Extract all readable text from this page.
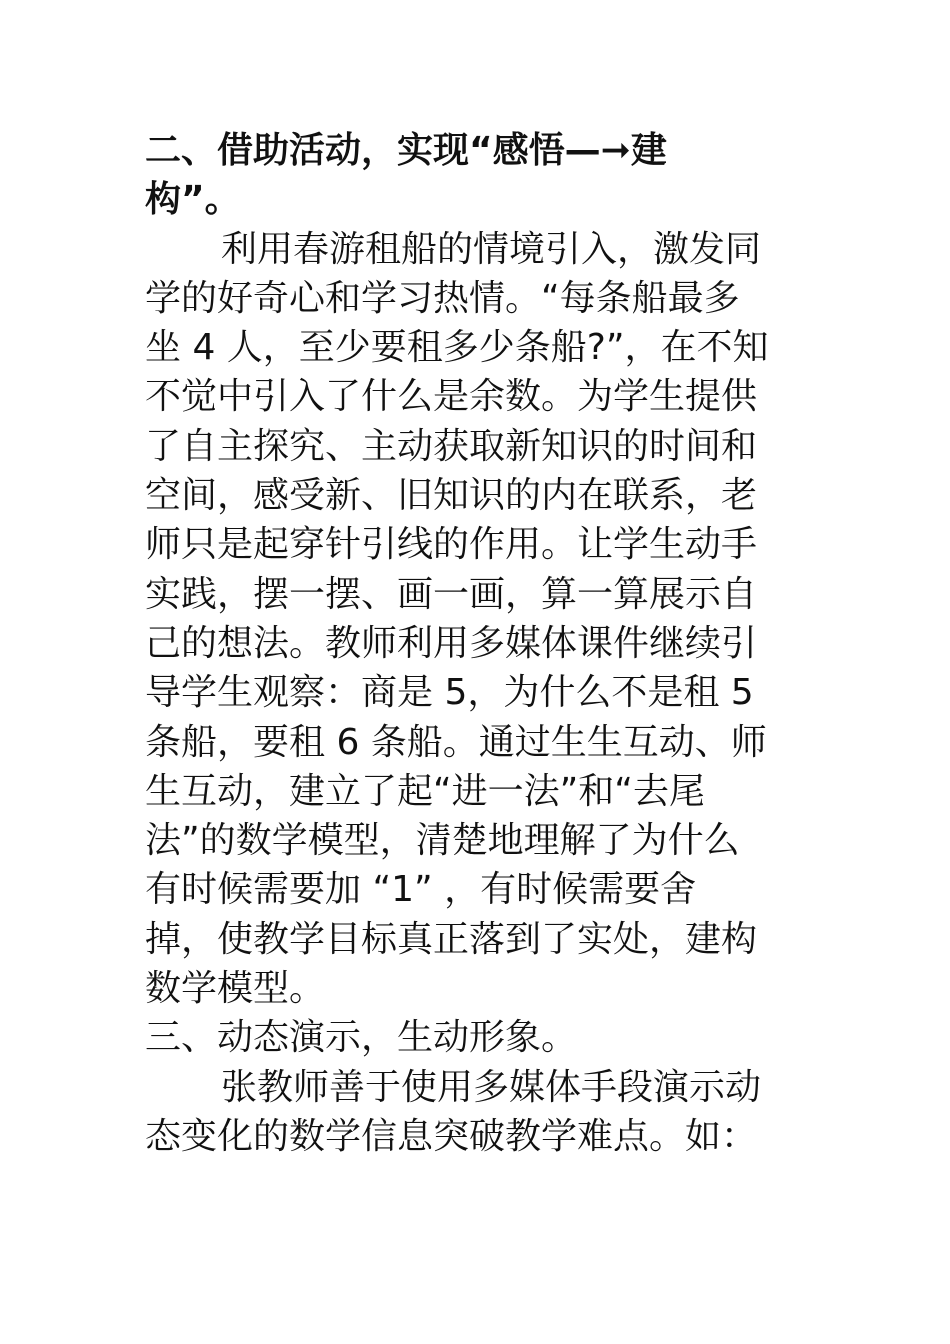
二、借助活动，实现“感悟—➞建
构”。
利用春游租船的情境引入，激发同
学的好奇心和学习热情。“每条船最多
坐 4 人，至少要租多少条船?”，在不知
不觉中引入了什么是余数。为学生提供
了自主探究、主动获取新知识的时间和
空间，感受新、旧知识的内在联系，老
师只是起穿针引线的作用。让学生动手
实践，摆一摆、画一画，算一算展示自
己的想法。教师利用多媒体课件继续引
导学生观察：商是 5，为什么不是租 5
条船，要租 6 条船。通过生生互动、师
生互动，建立了起“进一法”和“去尾
法”的数学模型，清楚地理解了为什么
有时候需要加 “1” ，有时候需要舍
掉，使教学目标真正落到了实处，建构
数学模型。
三、动态演示，生动形象。
张教师善于使用多媒体手段演示动
态变化的数学信息突破教学难点。如：
